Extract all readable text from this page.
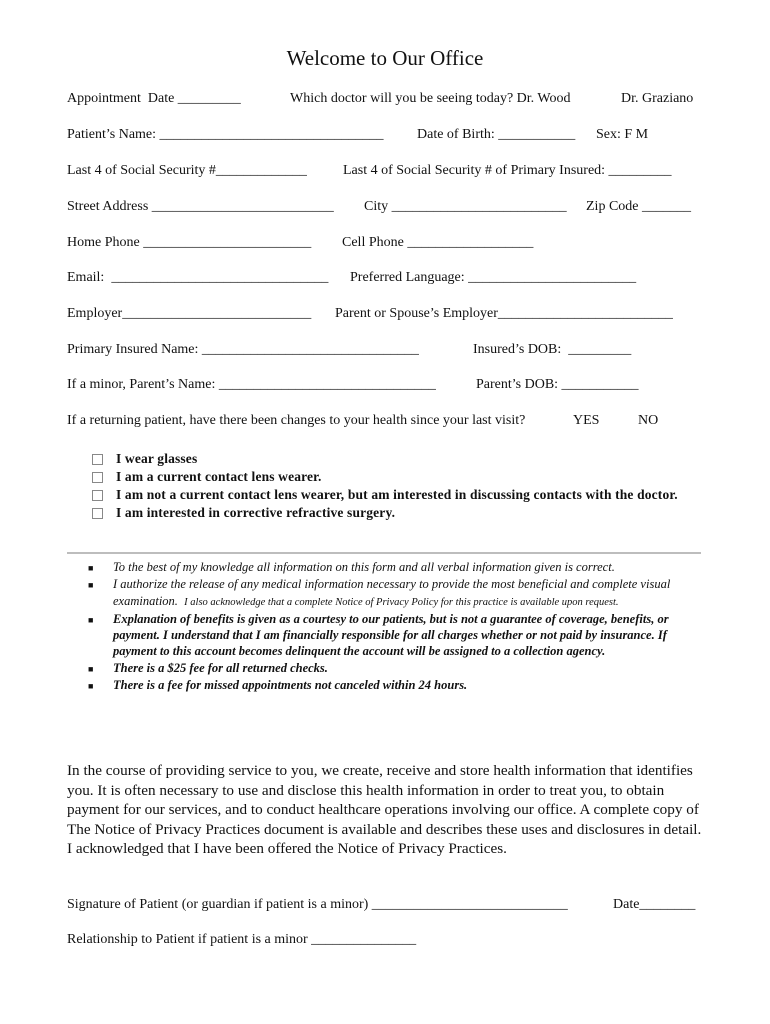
Welcome to Our Office
Appointment  Date _________	Which doctor will you be seeing today? Dr. Wood	Dr. Graziano
Patient’s Name: ________________________________ Date of Birth: ___________ Sex: F M
Last 4 of Social Security #_____________	Last 4 of Social Security # of Primary Insured: _________
Street Address __________________________ City _________________________ Zip Code _______
Home Phone ________________________ Cell Phone __________________
Email:  _______________________________ Preferred Language: ________________________
Employer___________________________ Parent or Spouse’s Employer_________________________
Primary Insured Name: _______________________________	Insured’s DOB:  _________
If a minor, Parent’s Name: _______________________________	Parent’s DOB: ___________
If a returning patient, have there been changes to your health since your last visit?	YES	NO
I wear glasses
I am a current contact lens wearer.
I am not a current contact lens wearer, but am interested in discussing contacts with the doctor.
I am interested in corrective refractive surgery.
■	To the best of my knowledge all information on this form and all verbal information given is correct.
■	I authorize the release of any medical information necessary to provide the most beneficial and complete visual examination. I also acknowledge that a complete Notice of Privacy Policy for this practice is available upon request.
■	Explanation of benefits is given as a courtesy to our patients, but is not a guarantee of coverage, benefits, or payment. I understand that I am financially responsible for all charges whether or not paid by insurance. If payment to this account becomes delinquent the account will be assigned to a collection agency.
■	There is a $25 fee for all returned checks.
■	There is a fee for missed appointments not canceled within 24 hours.
In the course of providing service to you, we create, receive and store health information that identifies you. It is often necessary to use and disclose this health information in order to treat you, to obtain payment for our services, and to conduct healthcare operations involving our office. A complete copy of The Notice of Privacy Practices document is available and describes these uses and disclosures in detail. I acknowledged that I have been offered the Notice of Privacy Practices.
Signature of Patient (or guardian if patient is a minor) ____________________________	Date________
Relationship to Patient if patient is a minor _______________
